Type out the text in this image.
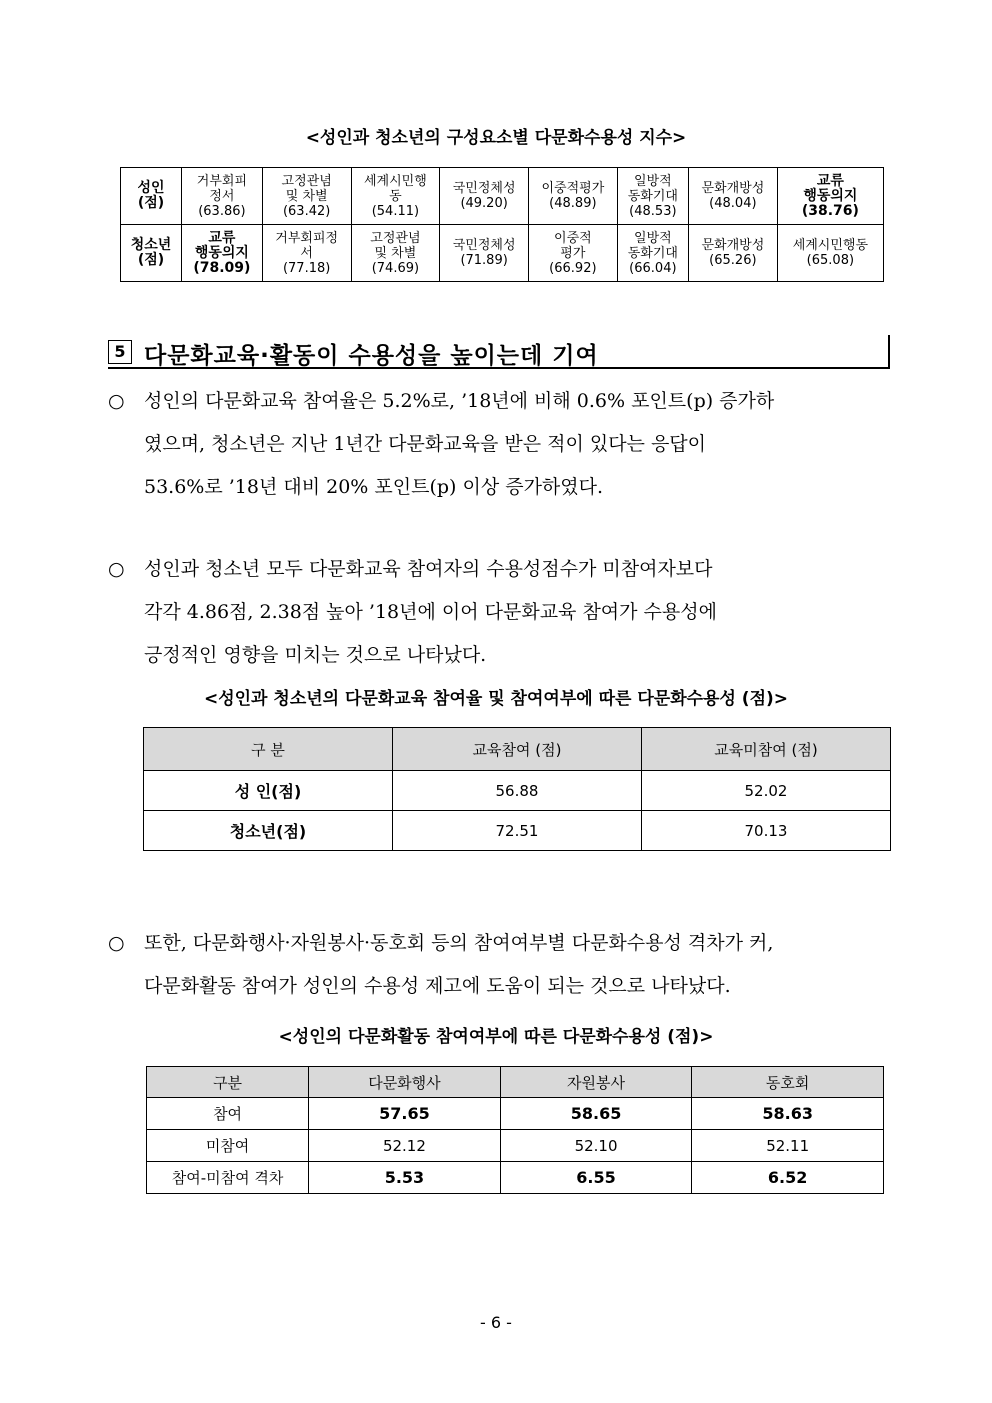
<성인과 청소년의 구성요소별 다문화수용성 지수>
성인
(점)	거부회피
정서
(63.86)	고정관념
및 차별
(63.42)	세계시민행
동
(54.11)	국민정체성
(49.20)	이중적평가
(48.89)	일방적
동화기대
(48.53)	문화개방성
(48.04)	교류
행동의지
(38.76)
청소년
(점)	교류
행동의지
(78.09)	거부회피정
서
(77.18)	고정관념
및 차별
(74.69)	국민정체성
(71.89)	이중적
평가
(66.92)	일방적
동화기대
(66.04)	문화개방성
(65.26)	세계시민행동
(65.08)
5 다문화교육·활동이 수용성을 높이는데 기여
○ 성인의 다문화교육 참여율은 5.2%로, ’18년에 비해 0.6% 포인트(p) 증가하
였으며, 청소년은 지난 1년간 다문화교육을 받은 적이 있다는 응답이
53.6%로 ’18년 대비 20% 포인트(p) 이상 증가하였다.
○ 성인과 청소년 모두 다문화교육 참여자의 수용성점수가 미참여자보다
각각 4.86점, 2.38점 높아 ’18년에 이어 다문화교육 참여가 수용성에
긍정적인 영향을 미치는 것으로 나타났다.
<성인과 청소년의 다문화교육 참여율 및 참여여부에 따른 다문화수용성 (점)>
구 분	교육참여 (점)	교육미참여 (점)
성 인(점)	56.88	52.02
청소년(점)	72.51	70.13
○ 또한, 다문화행사·자원봉사·동호회 등의 참여여부별 다문화수용성 격차가 커,
다문화활동 참여가 성인의 수용성 제고에 도움이 되는 것으로 나타났다.
<성인의 다문화활동 참여여부에 따른 다문화수용성 (점)>
구분	다문화행사	자원봉사	동호회
참여	57.65	58.65	58.63
미참여	52.12	52.10	52.11
참여-미참여 격차	5.53	6.55	6.52
- 6 -
